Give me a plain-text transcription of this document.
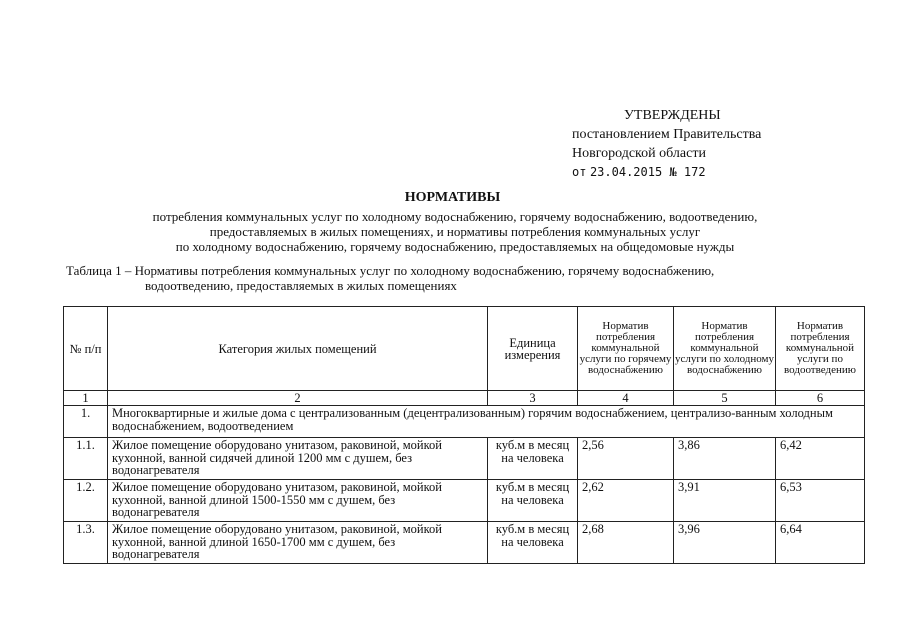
УТВЕРЖДЕНЫ
постановлением Правительства
Новгородской области
от 23.04.2015 № 172
НОРМАТИВЫ
потребления коммунальных услуг по холодному водоснабжению, горячему водоснабжению, водоотведению,
предоставляемых в жилых помещениях, и нормативы потребления коммунальных услуг
по холодному водоснабжению, горячему водоснабжению, предоставляемых на общедомовые нужды
Таблица 1 – Нормативы потребления коммунальных услуг по холодному водоснабжению, горячему водоснабжению,
водоотведению, предоставляемых в жилых помещениях
№ п/п	Категория жилых помещений	Единица измерения	Норматив потребления коммунальной услуги по горячему водоснабжению	Норматив потребления коммунальной услуги по холодному водоснабжению	Норматив потребления коммунальной услуги по водоотведению
1	2	3	4	5	6
1.	Многоквартирные и жилые дома с централизованным (децентрализованным) горячим водоснабжением, централизо-ванным холодным водоснабжением, водоотведением				
1.1.	Жилое помещение оборудовано унитазом, раковиной, мойкой кухонной, ванной сидячей длиной 1200 мм с душем, без водонагревателя	куб.м в месяц на человека	2,56	3,86	6,42
1.2.	Жилое помещение оборудовано унитазом, раковиной, мойкой кухонной, ванной длиной 1500-1550 мм с душем, без водонагревателя	куб.м в месяц на человека	2,62	3,91	6,53
1.3.	Жилое помещение оборудовано унитазом, раковиной, мойкой кухонной, ванной длиной 1650-1700 мм с душем, без водонагревателя	куб.м в месяц на человека	2,68	3,96	6,64
